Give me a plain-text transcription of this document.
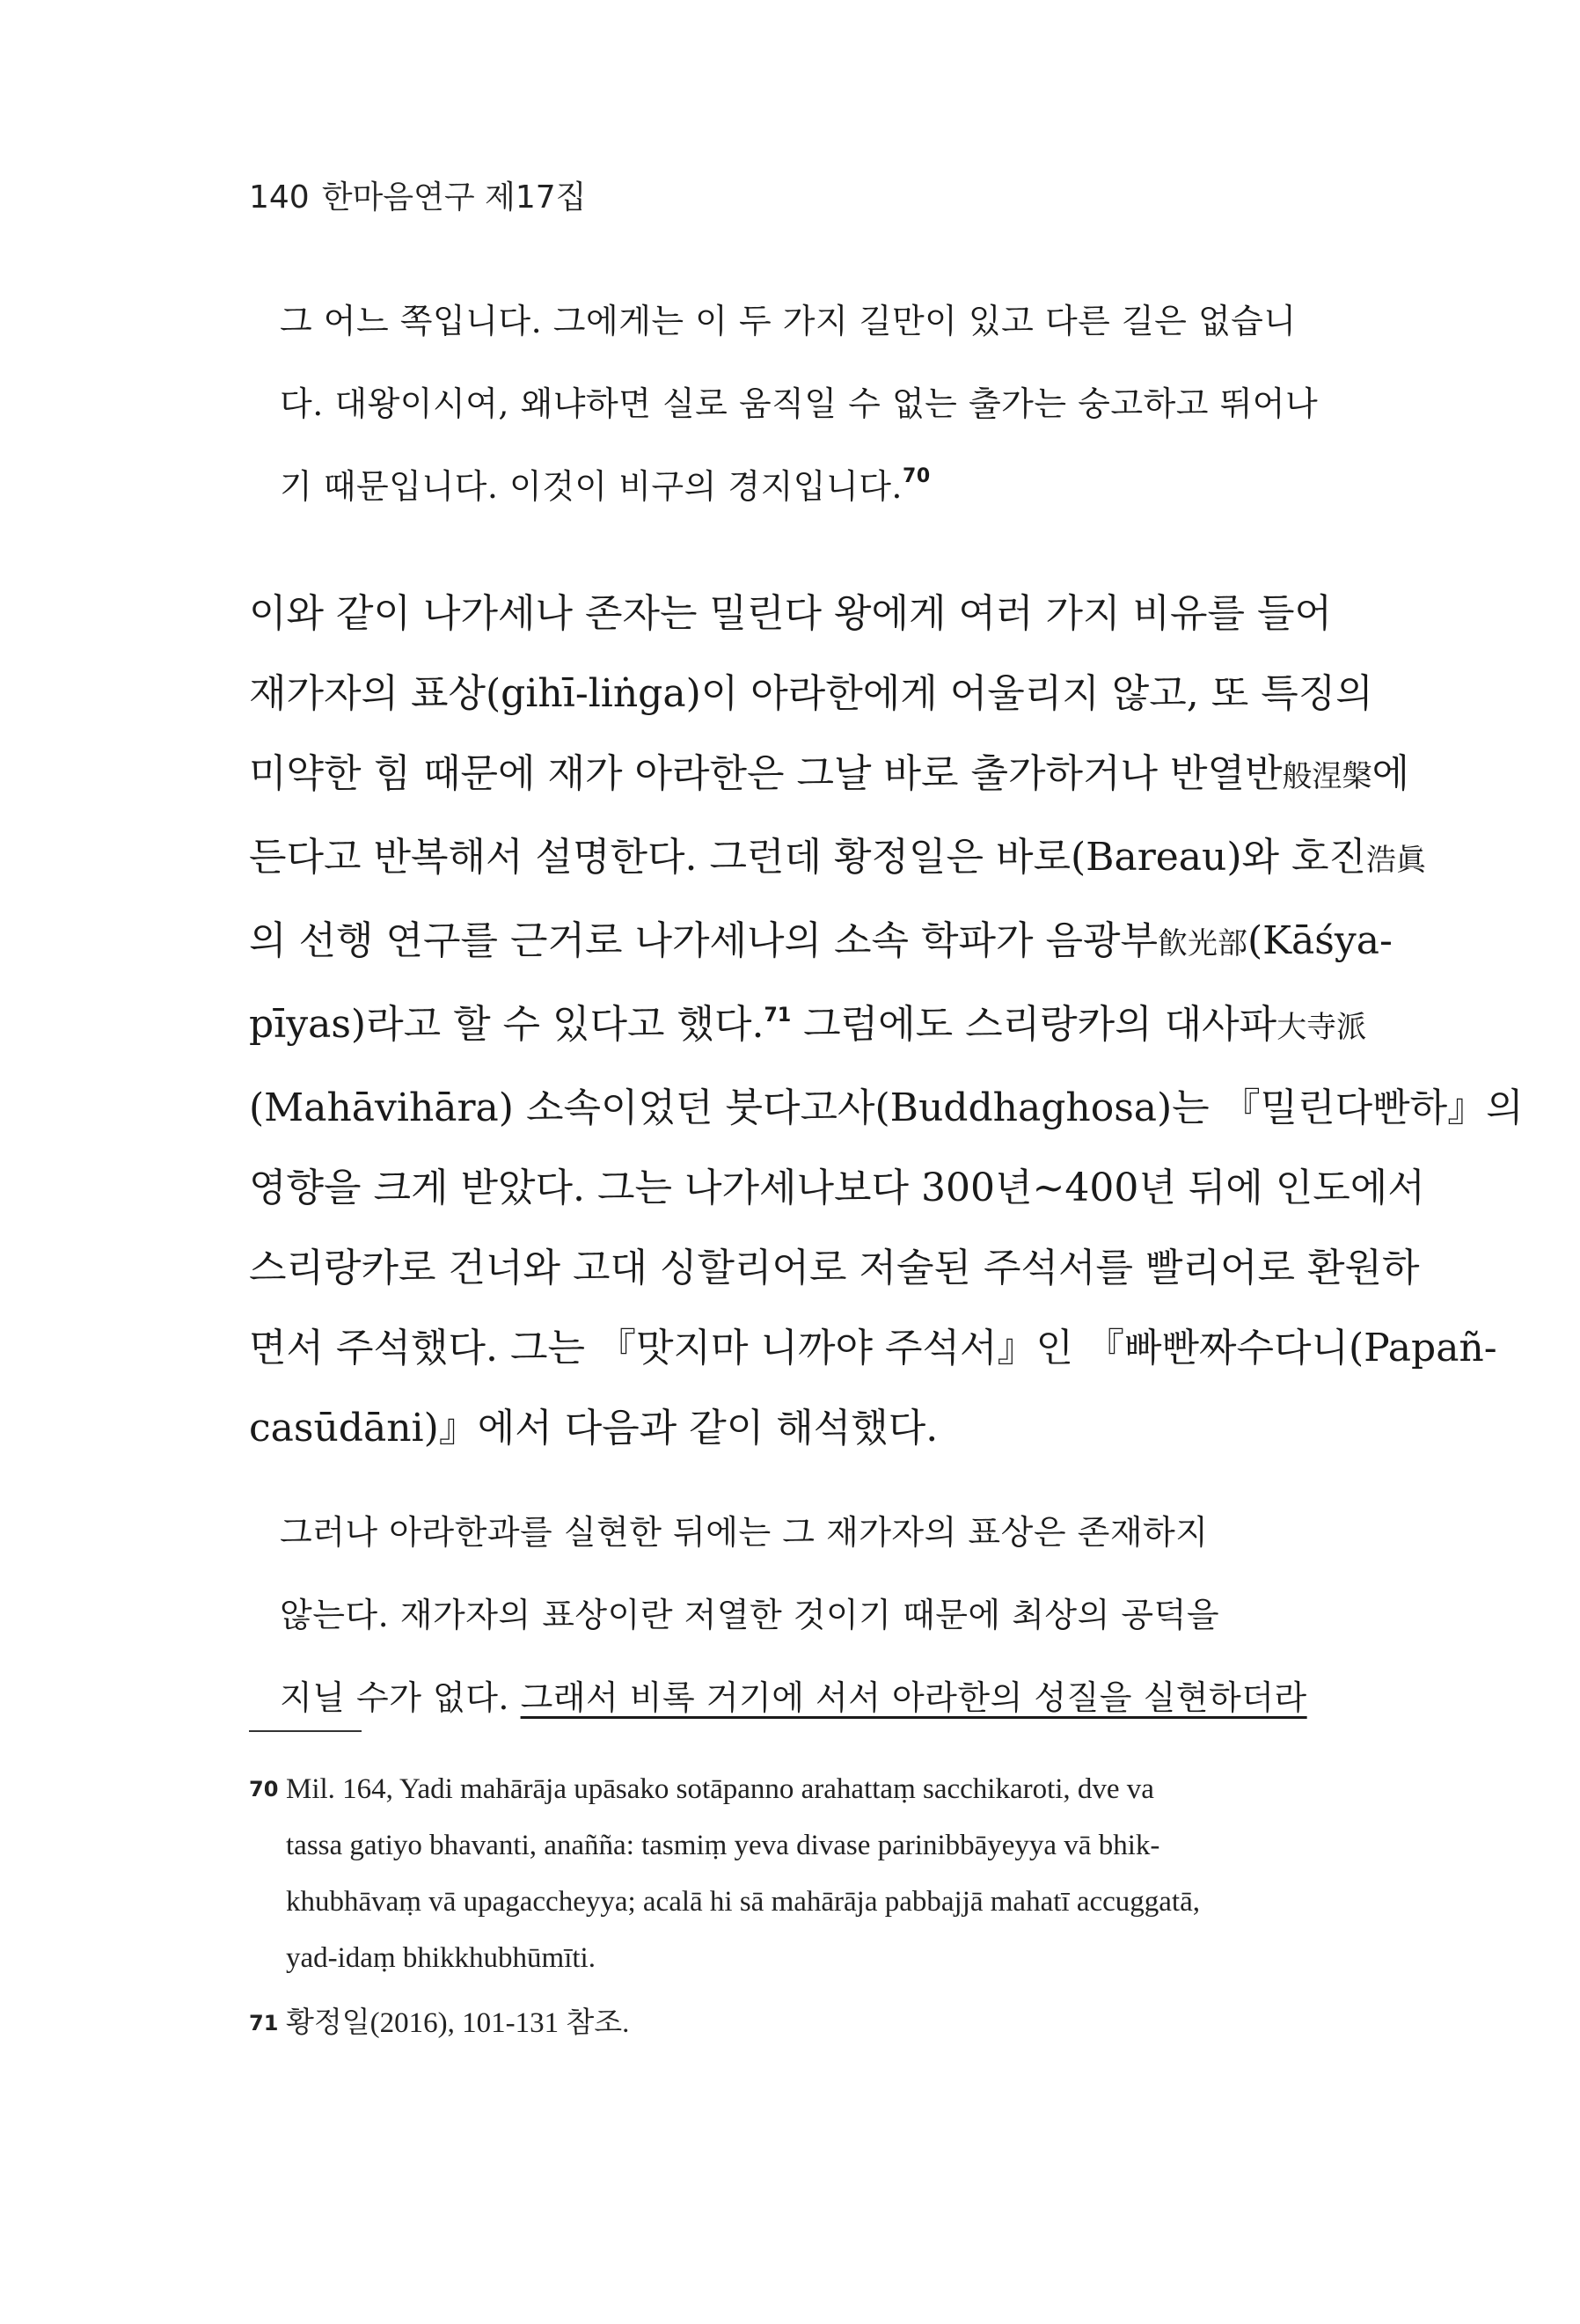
140 한마음연구 제17집

그 어느 쪽입니다. 그에게는 이 두 가지 길만이 있고 다른 길은 없습니

다. 대왕이시여, 왜냐하면 실로 움직일 수 없는 출가는 숭고하고 뛰어나

기 때문입니다. 이것이 비구의 경지입니다.$^{70}$

이와 같이 나가세나 존자는 밀린다 왕에게 여러 가지 비유를 들어

재가자의 표상(gihī-liṅga)이 아라한에게 어울리지 않고, 또 특징의

미약한 힘 때문에 재가 아라한은 그날 바로 출가하거나 반열반般涅槃에

든다고 반복해서 설명한다. 그런데 황정일은 바로(Bareau)와 호진浩眞

의 선행 연구를 근거로 나가세나의 소속 학파가 음광부飮光部(Kāśya-

pīyas)라고 할 수 있다고 했다.$^{71}$ 그럼에도 스리랑카의 대사파大寺派

(Mahāvihāra) 소속이었던 붓다고사(Buddhaghosa)는 『밀린다빤하』의

영향을 크게 받았다. 그는 나가세나보다 300년~400년 뒤에 인도에서

스리랑카로 건너와 고대 싱할리어로 저술된 주석서를 빨리어로 환원하

면서 주석했다. 그는 『맛지마 니까야 주석서』인 『빠빤짜수다니(Papañ-

casūdāni)』에서 다음과 같이 해석했다.

그러나 아라한과를 실현한 뒤에는 그 재가자의 표상은 존재하지

않는다. 재가자의 표상이란 저열한 것이기 때문에 최상의 공덕을

지닐 수가 없다. 그래서 비록 거기에 서서 아라한의 성질을 실현하더라

70 Mil. 164, Yadi mahārāja upāsako sotāpanno arahattaṃ sacchikaroti, dve va

tassa gatiyo bhavanti, anañña: tasmiṃ yeva divase parinibbāyeyya vā bhik-

khubhāvaṃ vā upagaccheyya; acalā hi sā mahārāja pabbajjā mahatī accuggatā,

yad-idaṃ bhikkhubhūmīti.

71 황정일(2016), 101-131 참조.
